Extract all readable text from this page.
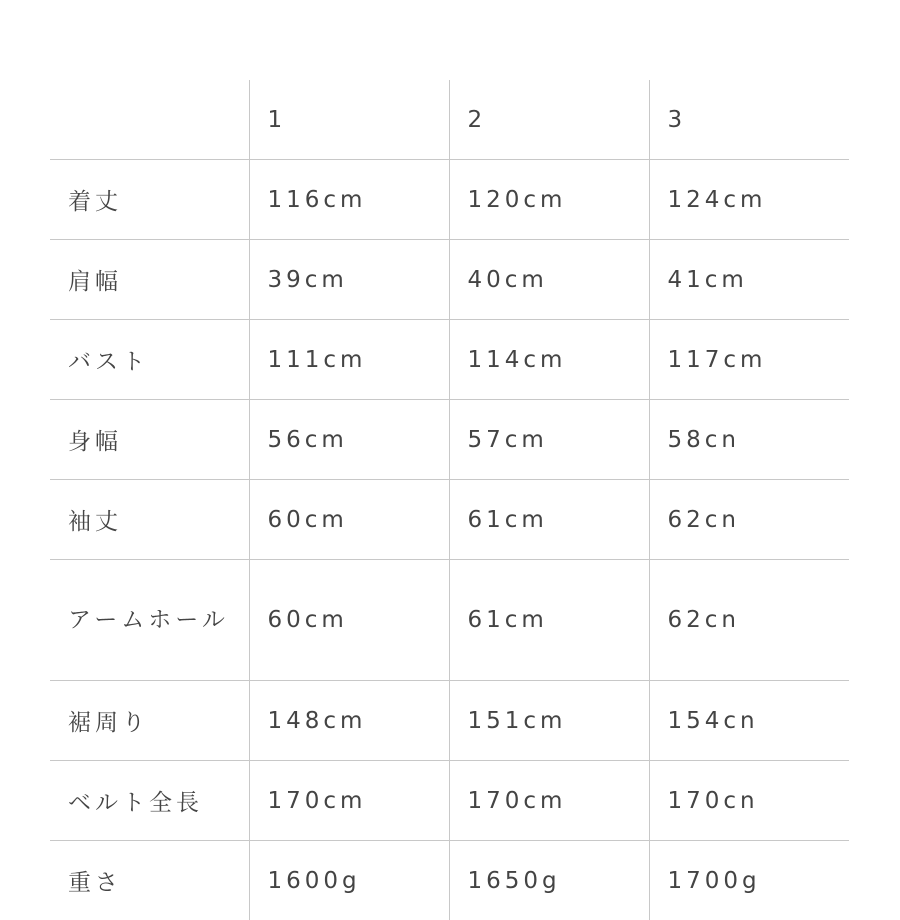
	1	2	3
着丈	116cm	120cm	124cm
肩幅	39cm	40cm	41cm
バスト	111cm	114cm	117cm
身幅	56cm	57cm	58cn
袖丈	60cm	61cm	62cn
アームホール	60cm	61cm	62cn
裾周り	148cm	151cm	154cn
ベルト全長	170cm	170cm	170cn
重さ	1600g	1650g	1700g
